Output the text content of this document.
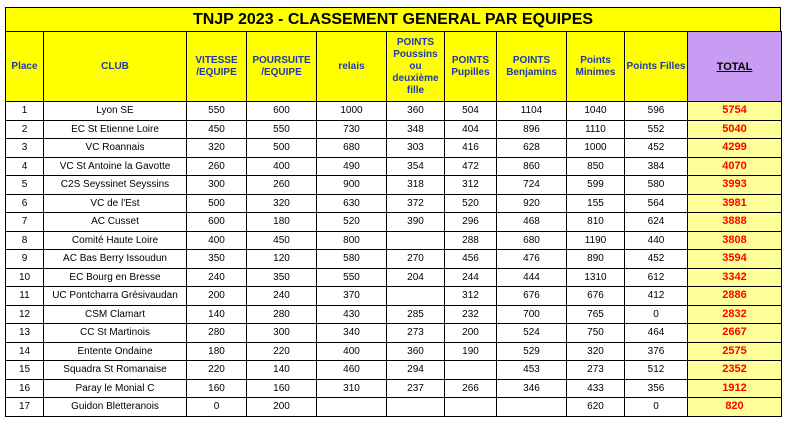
TNJP 2023 - CLASSEMENT GENERAL PAR EQUIPES
Place	CLUB	VITESSE /EQUIPE	POURSUITE /EQUIPE	relais	POINTS Poussins ou deuxième fille	POINTS Pupilles	POINTS Benjamins	Points Minimes	Points Filles	TOTAL
1	Lyon SE	550	600	1000	360	504	1104	1040	596	5754
2	EC St Etienne Loire	450	550	730	348	404	896	1110	552	5040
3	VC Roannais	320	500	680	303	416	628	1000	452	4299
4	VC St Antoine la Gavotte	260	400	490	354	472	860	850	384	4070
5	C2S Seyssinet Seyssins	300	260	900	318	312	724	599	580	3993
6	VC de l'Est	500	320	630	372	520	920	155	564	3981
7	AC Cusset	600	180	520	390	296	468	810	624	3888
8	Comité Haute Loire	400	450	800		288	680	1190	440	3808
9	AC Bas Berry Issoudun	350	120	580	270	456	476	890	452	3594
10	EC Bourg en Bresse	240	350	550	204	244	444	1310	612	3342
11	UC Pontcharra Grésivaudan	200	240	370		312	676	676	412	2886
12	CSM Clamart	140	280	430	285	232	700	765	0	2832
13	CC St Martinois	280	300	340	273	200	524	750	464	2667
14	Entente Ondaine	180	220	400	360	190	529	320	376	2575
15	Squadra St Romanaise	220	140	460	294		453	273	512	2352
16	Paray le Monial C	160	160	310	237	266	346	433	356	1912
17	Guidon Bletteranois	0	200					620	0	820
